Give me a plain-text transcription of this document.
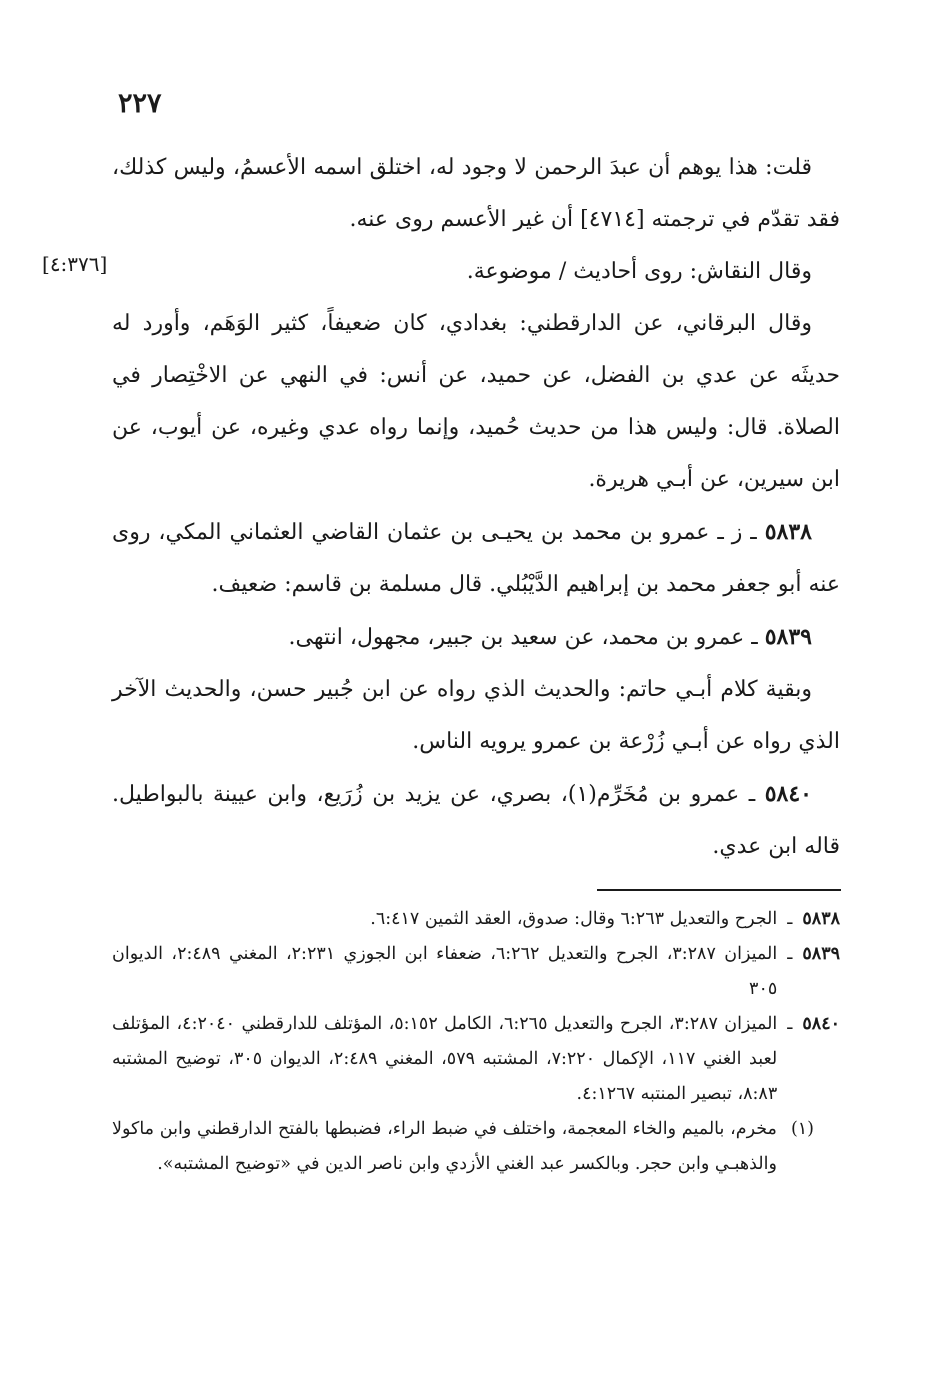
٢٢٧
[٤:٣٧٦]

قلت: هذا يوهم أن عبدَ الرحمن لا وجود له، اختلق اسمه الأعسمُ، وليس كذلك، فقد تقدّم في ترجمته [٤٧١٤] أن غير الأعسم روى عنه.

وقال النقاش: روى أحاديث / موضوعة.

وقال البرقاني، عن الدارقطني: بغدادي، كان ضعيفاً، كثير الوَهَم، وأورد له حديثَه عن عدي بن الفضل، عن حميد، عن أنس: في النهي عن الاخْتِصار في الصلاة. قال: وليس هذا من حديث حُميد، وإنما رواه عدي وغيره، عن أيوب، عن ابن سيرين، عن أبـي هريرة.

٥٨٣٨ ـ ز ـ عمرو بن محمد بن يحيـى بن عثمان القاضي العثماني المكي، روى عنه أبو جعفر محمد بن إبراهيم الدَّيْبُلي. قال مسلمة بن قاسم: ضعيف.

٥٨٣٩ ـ عمرو بن محمد، عن سعيد بن جبير، مجهول، انتهى.

وبقية كلام أبـي حاتم: والحديث الذي رواه عن ابن جُبير حسن، والحديث الآخر الذي رواه عن أبـي زُرْعة بن عمرو يرويه الناس.

٥٨٤٠ ـ عمرو بن مُخَرِّم(١)، بصري، عن يزيد بن زُرَيع، وابن عيينة بالبواطيل. قاله ابن عدي.

٥٨٣٨
ـ
الجرح والتعديل ٦:٢٦٣ وقال: صدوق، العقد الثمين ٦:٤١٧.
٥٨٣٩
ـ
الميزان ٣:٢٨٧، الجرح والتعديل ٦:٢٦٢، ضعفاء ابن الجوزي ٢:٢٣١، المغني ٢:٤٨٩، الديوان ٣٠٥
٥٨٤٠
ـ
الميزان ٣:٢٨٧، الجرح والتعديل ٦:٢٦٥، الكامل ٥:١٥٢، المؤتلف للدارقطني ٤:٢٠٤٠، المؤتلف لعبد الغني ١١٧، الإكمال ٧:٢٢٠، المشتبه ٥٧٩، المغني ٢:٤٨٩، الديوان ٣٠٥، توضيح المشتبه ٨:٨٣، تبصير المنتبه ٤:١٢٦٧.
(١)
مخرم، بالميم والخاء المعجمة، واختلف في ضبط الراء، فضبطها بالفتح الدارقطني وابن ماكولا والذهبـي وابن حجر. وبالكسر عبد الغني الأزدي وابن ناصر الدين في «توضيح المشتبه».
